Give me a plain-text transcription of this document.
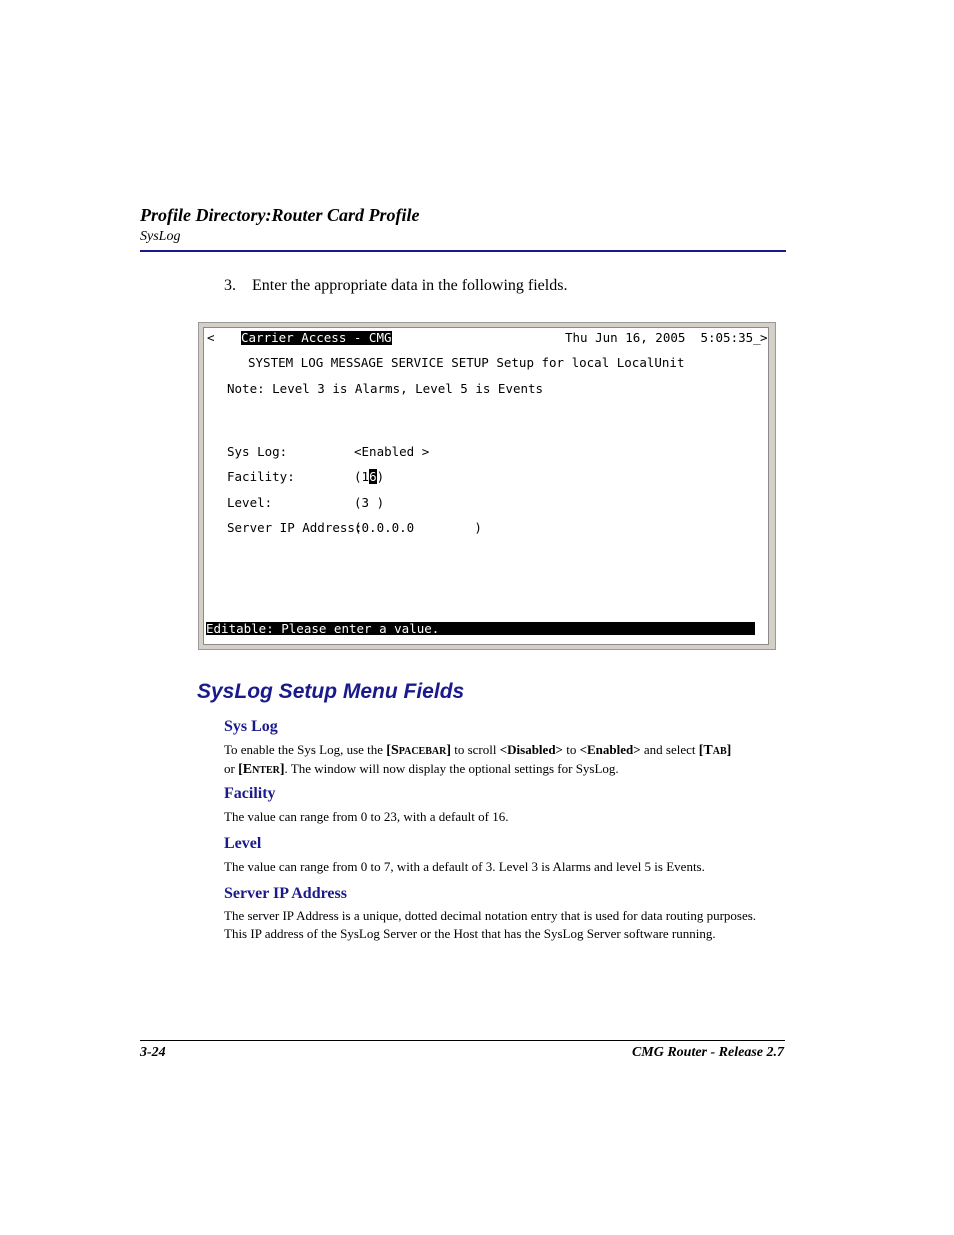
Profile Directory:Router Card Profile
SysLog
3. Enter the appropriate data in the following fields.
< Carrier Access - CMG	Thu Jun 16, 2005  5:05:35_ >
SYSTEM LOG MESSAGE SERVICE SETUP Setup for local LocalUnit
Note: Level 3 is Alarms, Level 5 is Events
Sys Log:	<Enabled >
Facility:	(16)
Level:	(3 )
Server IP Address:
(0.0.0.0        )
Editable: Please enter a value.
SysLog Setup Menu Fields
Sys Log
To enable the Sys Log, use the [Spacebar] to scroll <Disabled> to <Enabled> and select [Tab]
or [Enter]. The window will now display the optional settings for SysLog.
Facility
The value can range from 0 to 23, with a default of 16.
Level
The value can range from 0 to 7, with a default of 3. Level 3 is Alarms and level 5 is Events.
Server IP Address
The server IP Address is a unique, dotted decimal notation entry that is used for data routing purposes.
This IP address of the SysLog Server or the Host that has the SysLog Server software running.
3-24	CMG Router - Release 2.7
